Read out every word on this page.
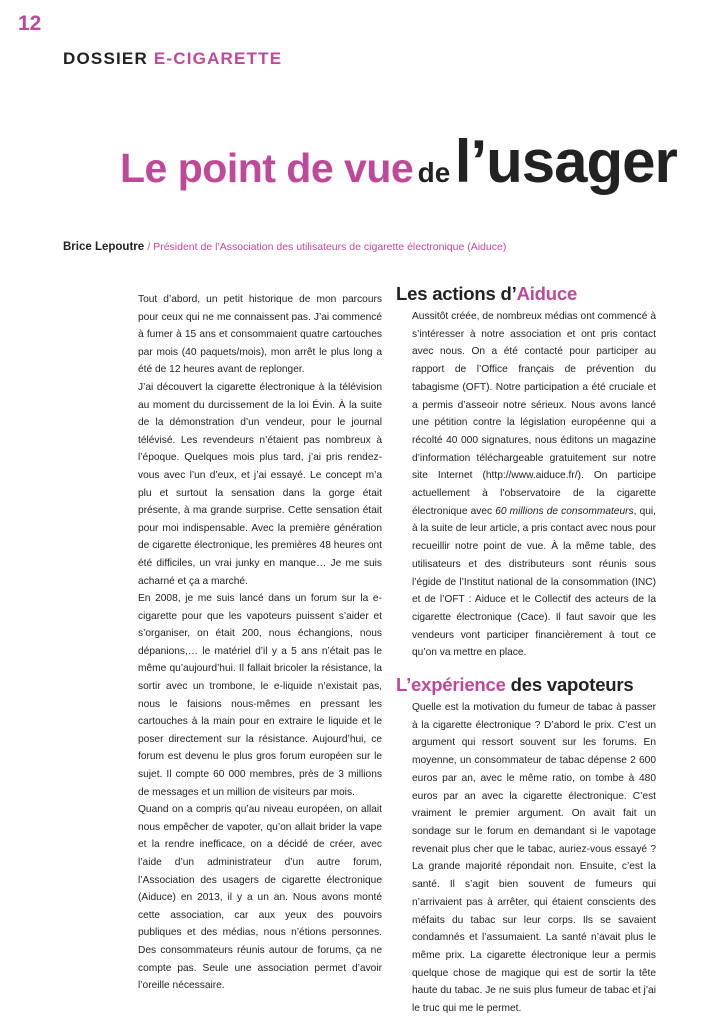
12
DOSSIER E-CIGARETTE
Le point de vue de l’usager
Brice Lepoutre / Président de l’Association des utilisateurs de cigarette électronique (Aiduce)

Tout d’abord, un petit historique de mon parcours pour ceux qui ne me connaissent pas. J’ai commencé à fumer à 15 ans et consommaient quatre cartouches par mois (40 paquets/mois), mon arrêt le plus long a été de 12 heures avant de replonger.

J’ai découvert la cigarette électronique à la télévision au moment du durcissement de la loi Évin. À la suite de la démonstration d’un vendeur, pour le journal télévisé. Les revendeurs n’étaient pas nombreux à l’époque. Quelques mois plus tard, j’ai pris rendez-vous avec l’un d’eux, et j’ai essayé. Le concept m’a plu et surtout la sensation dans la gorge était présente, à ma grande surprise. Cette sensation était pour moi indispensable. Avec la première génération de cigarette électronique, les premières 48 heures ont été difficiles, un vrai junky en manque… Je me suis acharné et ça a marché.

En 2008, je me suis lancé dans un forum sur la e-cigarette pour que les vapoteurs puissent s’aider et s’organiser, on était 200, nous échangions, nous dépanions,… le matériel d’il y a 5 ans n’était pas le même qu’aujourd’hui. Il fallait bricoler la résistance, la sortir avec un trombone, le e-liquide n’existait pas, nous le faisions nous-mêmes en pressant les cartouches à la main pour en extraire le liquide et le poser directement sur la résistance. Aujourd’hui, ce forum est devenu le plus gros forum européen sur le sujet. Il compte 60 000 membres, près de 3 millions de messages et un million de visiteurs par mois.

Quand on a compris qu’au niveau européen, on allait nous empêcher de vapoter, qu’on allait brider la vape et la rendre inefficace, on a décidé de créer, avec l’aide d’un administrateur d’un autre forum, l’Association des usagers de cigarette électronique (Aiduce) en 2013, il y a un an. Nous avons monté cette association, car aux yeux des pouvoirs publiques et des médias, nous n’étions personnes. Des consommateurs réunis autour de forums, ça ne compte pas. Seule une association permet d’avoir l’oreille nécessaire.

Les actions d’Aiduce

Aussitôt créée, de nombreux médias ont commencé à s’intéresser à notre association et ont pris contact avec nous. On a été contacté pour participer au rapport de l’Office français de prévention du tabagisme (OFT). Notre participation a été cruciale et a permis d’asseoir notre sérieux. Nous avons lancé une pétition contre la législation européenne qui a récolté 40 000 signatures, nous éditons un magazine d’information téléchargeable gratuitement sur notre site Internet (http://www.aiduce.fr/). On participe actuellement à l’observatoire de la cigarette électronique avec 60 millions de consommateurs, qui, à la suite de leur article, a pris contact avec nous pour recueillir notre point de vue. À la même table, des utilisateurs et des distributeurs sont réunis sous l’égide de l’Institut national de la consommation (INC) et de l’OFT : Aiduce et le Collectif des acteurs de la cigarette électronique (Cace). Il faut savoir que les vendeurs vont participer financièrement à tout ce qu’on va mettre en place.

L’expérience des vapoteurs

Quelle est la motivation du fumeur de tabac à passer à la cigarette électronique ? D’abord le prix. C’est un argument qui ressort souvent sur les forums. En moyenne, un consommateur de tabac dépense 2 600 euros par an, avec le même ratio, on tombe à 480 euros par an avec la cigarette électronique. C’est vraiment le premier argument. On avait fait un sondage sur le forum en demandant si le vapotage revenait plus cher que le tabac, auriez-vous essayé ? La grande majorité répondait non. Ensuite, c’est la santé. Il s’agit bien souvent de fumeurs qui n’arrivaient pas à arrêter, qui étaient conscients des méfaits du tabac sur leur corps. Ils se savaient condamnés et l’assumaient. La santé n’avait plus le même prix. La cigarette électronique leur a permis quelque chose de magique qui est de sortir la tête haute du tabac. Je ne suis plus fumeur de tabac et j’ai le truc qui me le permet.
